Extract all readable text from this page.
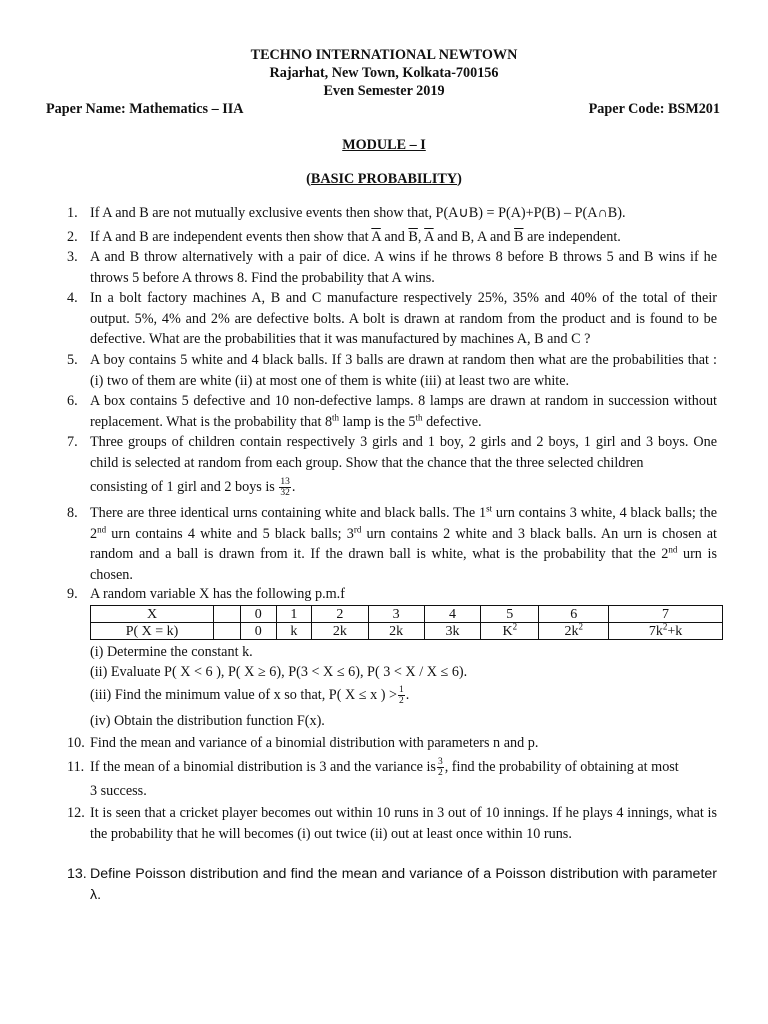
TECHNO INTERNATIONAL NEWTOWN
Rajarhat, New Town, Kolkata-700156
Even Semester 2019
Paper Name: Mathematics – IIA	Paper Code: BSM201
MODULE – I
(BASIC PROBABILITY)
1. If A and B are not mutually exclusive events then show that, P(A∪B) = P(A)+P(B) – P(A∩B).
2. If A and B are independent events then show that $\overline{A}$ and $\overline{B}$, $\overline{A}$ and B, A and $\overline{B}$ are independent.
3. A and B throw alternatively with a pair of dice. A wins if he throws 8 before B throws 5 and B wins if he throws 5 before A throws 8. Find the probability that A wins.
4. In a bolt factory machines A, B and C manufacture respectively 25%, 35% and 40% of the total of their output. 5%, 4% and 2% are defective bolts. A bolt is drawn at random from the product and is found to be defective. What are the probabilities that it was manufactured by machines A, B and C ?
5. A boy contains 5 white and 4 black balls. If 3 balls are drawn at random then what are the probabilities that : (i) two of them are white (ii) at most one of them is white (iii) at least two are white.
6. A box contains 5 defective and 10 non-defective lamps. 8 lamps are drawn at random in succession without replacement. What is the probability that 8th lamp is the 5th defective.
7. Three groups of children contain respectively 3 girls and 1 boy, 2 girls and 2 boys, 1 girl and 3 boys. One child is selected at random from each group. Show that the chance that the three selected children
consisting of 1 girl and 2 boys is $\frac{13}{32}$ .
8. There are three identical urns containing white and black balls. The 1st urn contains 3 white, 4 black balls; the 2nd urn contains 4 white and 5 black balls; 3rd urn contains 2 white and 3 black balls. An urn is chosen at random and a ball is drawn from it. If the drawn ball is white, what is the probability that the 2nd urn is chosen.
9. A random variable X has the following p.m.f
X		0	1	2	3	4	5	6	7
P( X = k)		0	k	2k	2k	3k	$K^2$	$2k^2$	$7k^2+k$
(i) Determine the constant k.
(ii) Evaluate P( X < 6 ), P( X ≥ 6), P(3 < X ≤ 6), P( 3 < X / X ≤ 6).
(iii) Find the minimum value of x so that, P( X ≤ x ) > $\frac{1}{2}$ .
(iv) Obtain the distribution function F(x).
10. Find the mean and variance of a binomial distribution with parameters n and p.
11. If the mean of a binomial distribution is 3 and the variance is $\frac{3}{2}$ , find the probability of obtaining at most
3 success.
12. It is seen that a cricket player becomes out within 10 runs in 3 out of 10 innings. If he plays 4 innings, what is the probability that he will becomes (i) out twice (ii) out at least once within 10 runs.
13. Define Poisson distribution and find the mean and variance of a Poisson distribution with parameter λ.
